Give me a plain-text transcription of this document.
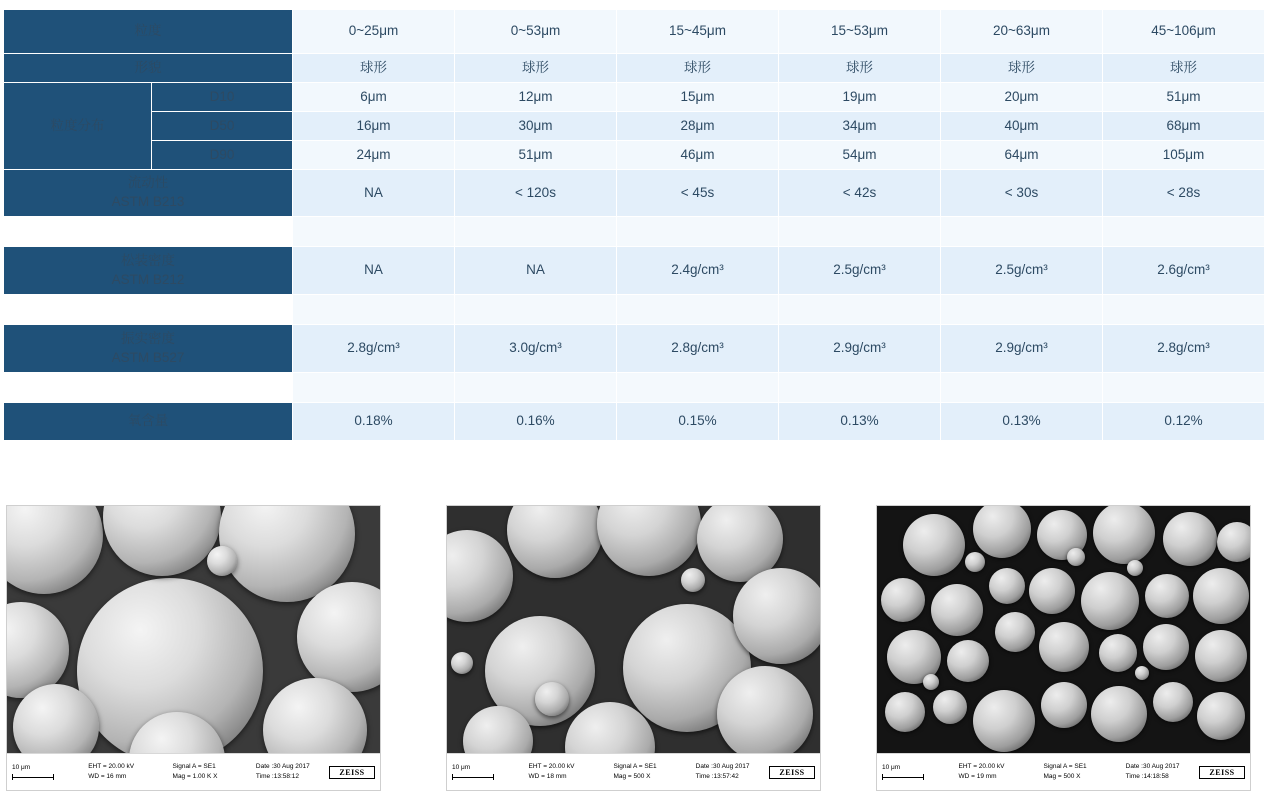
粒度		0~25μm	0~53μm	15~45μm	15~53μm	20~63μm	45~106μm
形貌		球形	球形	球形	球形	球形	球形
粒度分布	D10	6μm	12μm	15μm	19μm	20μm	51μm
	D50	16μm	30μm	28μm	34μm	40μm	68μm
	D90	24μm	51μm	46μm	54μm	64μm	105μm

流动性
ASTM B213		NA	< 120s	< 45s	< 42s	< 30s	< 28s

松装密度
ASTM B212		NA	NA	2.4g/cm³	2.5g/cm³	2.5g/cm³	2.6g/cm³

振实密度
ASTM B527		2.8g/cm³	3.0g/cm³	2.8g/cm³	2.9g/cm³	2.9g/cm³	2.8g/cm³

氧含量		0.18%	0.16%	0.15%	0.13%	0.13%	0.12%
10 μm	EHT = 20.00 kV
WD = 16 mm
Signal A = SE1
Mag = 1.00 K X
Date :30 Aug 2017
Time :13:58:12	ZEISS
10 μm	EHT = 20.00 kV
WD = 18 mm
Signal A = SE1
Mag = 500 X
Date :30 Aug 2017
Time :13:57:42	ZEISS
10 μm	EHT = 20.00 kV
WD = 19 mm
Signal A = SE1
Mag = 500 X
Date :30 Aug 2017
Time :14:18:58	ZEISS
